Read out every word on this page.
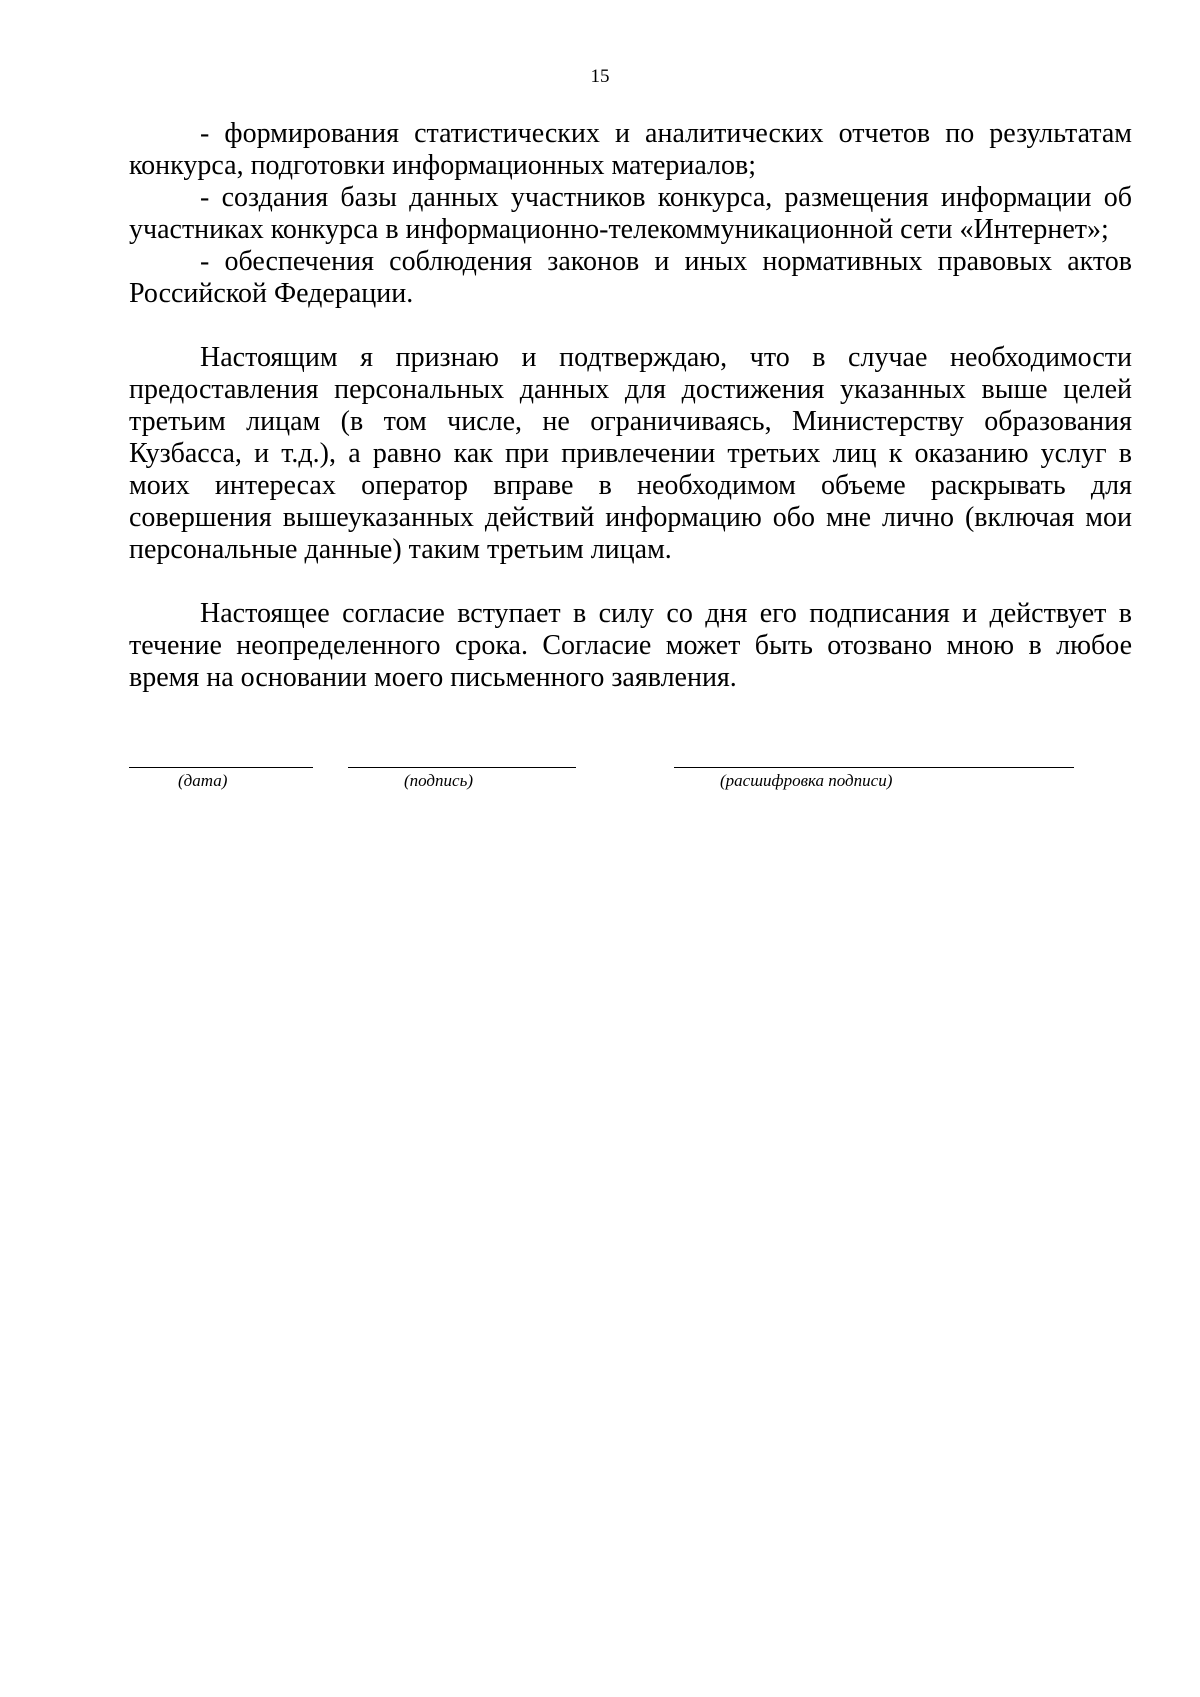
15

- формирования статистических и аналитических отчетов по результатам конкурса, подготовки информационных материалов;

- создания базы данных участников конкурса, размещения информации об участниках конкурса в информационно-телекоммуникационной сети «Интернет»;

- обеспечения соблюдения законов и иных нормативных правовых актов Российской Федерации.

Настоящим я признаю и подтверждаю, что в случае необходимости предоставления персональных данных для достижения указанных выше целей третьим лицам (в том числе, не ограничиваясь, Министерству образования Кузбасса, и т.д.), а равно как при привлечении третьих лиц к оказанию услуг в моих интересах оператор вправе в необходимом объеме раскрывать для совершения вышеуказанных действий информацию обо мне лично (включая мои персональные данные) таким третьим лицам.

Настоящее согласие вступает в силу со дня его подписания и действует в течение неопределенного срока. Согласие может быть отозвано мною в любое время на основании моего письменного заявления.

(дата)	(подпись)	(расшифровка подписи)
